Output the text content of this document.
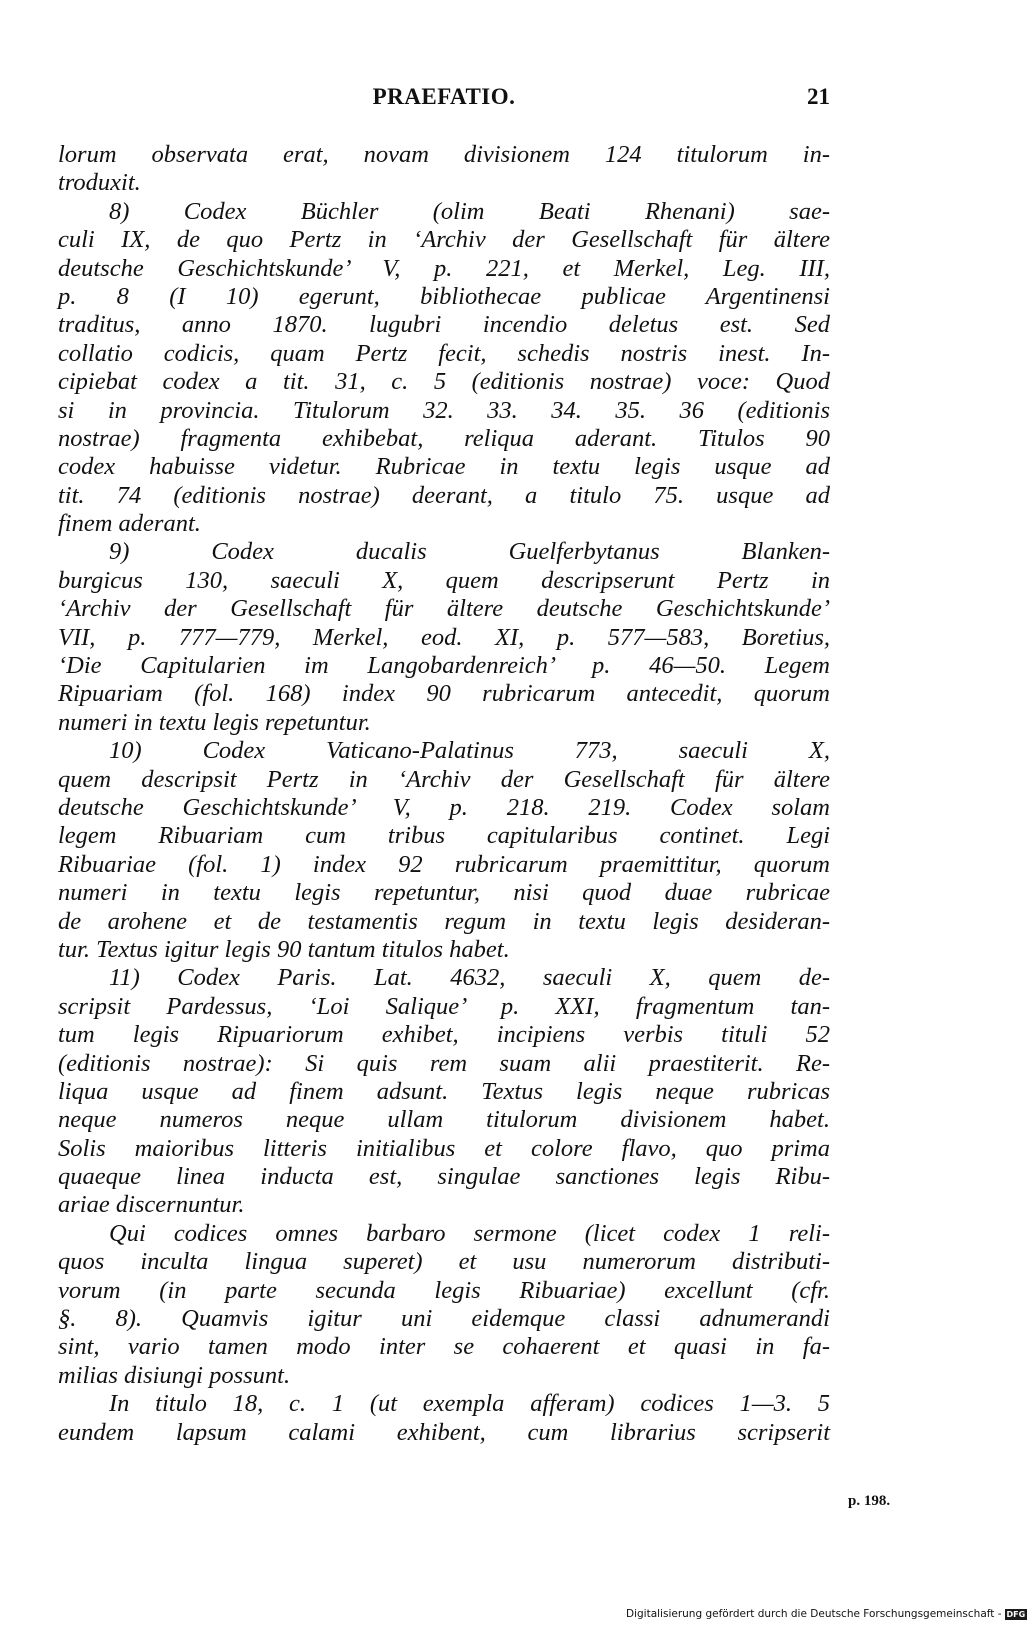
PRAEFATIO.	21
lorum observata erat, novam divisionem 124 titulorum in-
troduxit.
8) Codex Büchler (olim Beati Rhenani) sae-
culi IX, de quo Pertz in ‘Archiv der Gesellschaft für ältere
deutsche Geschichtskunde’ V, p. 221, et Merkel, Leg. III,
p. 8 (I 10) egerunt, bibliothecae publicae Argentinensi
traditus, anno 1870. lugubri incendio deletus est. Sed
collatio codicis, quam Pertz fecit, schedis nostris inest. In-
cipiebat codex a tit. 31, c. 5 (editionis nostrae) voce: Quod
si in provincia. Titulorum 32. 33. 34. 35. 36 (editionis
nostrae) fragmenta exhibebat, reliqua aderant. Titulos 90
codex habuisse videtur. Rubricae in textu legis usque ad
tit. 74 (editionis nostrae) deerant, a titulo 75. usque ad
finem aderant.
9) Codex ducalis Guelferbytanus Blanken-
burgicus 130, saeculi X, quem descripserunt Pertz in
‘Archiv der Gesellschaft für ältere deutsche Geschichtskunde’
VII, p. 777—779, Merkel, eod. XI, p. 577—583, Boretius,
‘Die Capitularien im Langobardenreich’ p. 46—50. Legem
Ripuariam (fol. 168) index 90 rubricarum antecedit, quorum
numeri in textu legis repetuntur.
10) Codex Vaticano-Palatinus 773, saeculi X,
quem descripsit Pertz in ‘Archiv der Gesellschaft für ältere
deutsche Geschichtskunde’ V, p. 218. 219. Codex solam
legem Ribuariam cum tribus capitularibus continet. Legi
Ribuariae (fol. 1) index 92 rubricarum praemittitur, quorum
numeri in textu legis repetuntur, nisi quod duae rubricae
de arohene et de testamentis regum in textu legis desideran-
tur. Textus igitur legis 90 tantum titulos habet.
11) Codex Paris. Lat. 4632, saeculi X, quem de-
scripsit Pardessus, ‘Loi Salique’ p. XXI, fragmentum tan-
tum legis Ripuariorum exhibet, incipiens verbis tituli 52
(editionis nostrae): Si quis rem suam alii praestiterit. Re-
liqua usque ad finem adsunt. Textus legis neque rubricas
neque numeros neque ullam titulorum divisionem habet.
Solis maioribus litteris initialibus et colore flavo, quo prima
quaeque linea inducta est, singulae sanctiones legis Ribu-
ariae discernuntur.
Qui codices omnes barbaro sermone (licet codex 1 reli-
quos inculta lingua superet) et usu numerorum distributi-
vorum (in parte secunda legis Ribuariae) excellunt (cfr.
§. 8). Quamvis igitur uni eidemque classi adnumerandi
sint, vario tamen modo inter se cohaerent et quasi in fa-
milias disiungi possunt.
In titulo 18, c. 1 (ut exempla afferam) codices 1—3. 5
eundem lapsum calami exhibent, cum librarius scripserit
p. 198.
Digitalisierung gefördert durch die Deutsche Forschungsgemeinschaft - DFG
